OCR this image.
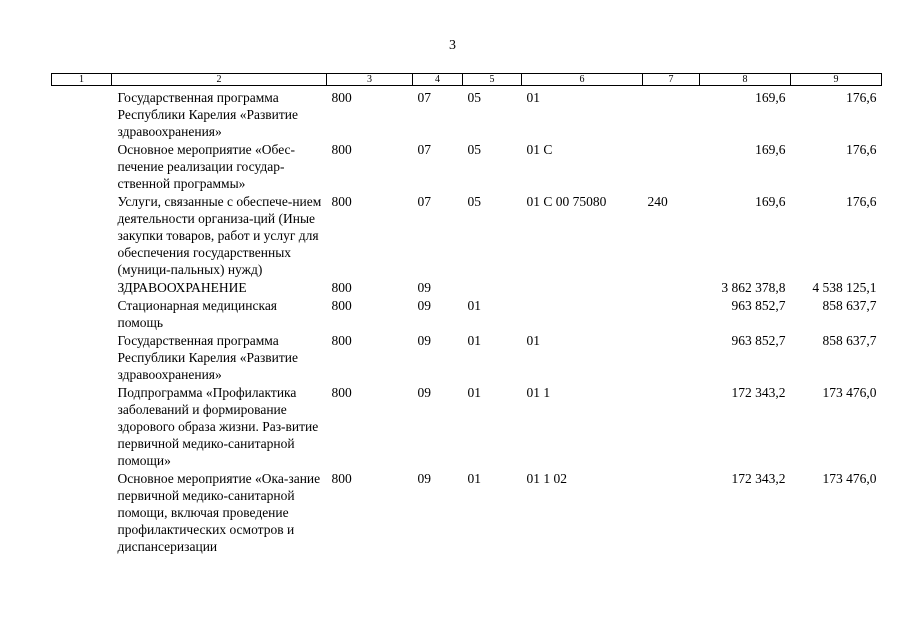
3
1	2	3	4	5	6	7	8	9
	Государственная программа Республики Карелия «Развитие здравоохранения»	800	07	05	01		169,6	176,6
	Основное мероприятие «Обес-печение реализации государ-ственной программы»	800	07	05	01 С		169,6	176,6
	Услуги, связанные с обеспече-нием деятельности организа-ций (Иные закупки товаров, работ и услуг для обеспечения государственных (муници-пальных) нужд)	800	07	05	01 С 00 75080	240	169,6	176,6
	ЗДРАВООХРАНЕНИЕ	800	09				3 862 378,8	4 538 125,1
	Стационарная медицинская помощь	800	09	01			963 852,7	858 637,7
	Государственная программа Республики Карелия «Развитие здравоохранения»	800	09	01	01		963 852,7	858 637,7
	Подпрограмма «Профилактика заболеваний и формирование здорового образа жизни. Раз-витие первичной медико-санитарной помощи»	800	09	01	01 1		172 343,2	173 476,0
	Основное мероприятие «Ока-зание первичной медико-санитарной помощи, включая проведение профилактических осмотров и диспансеризации	800	09	01	01 1 02		172 343,2	173 476,0
